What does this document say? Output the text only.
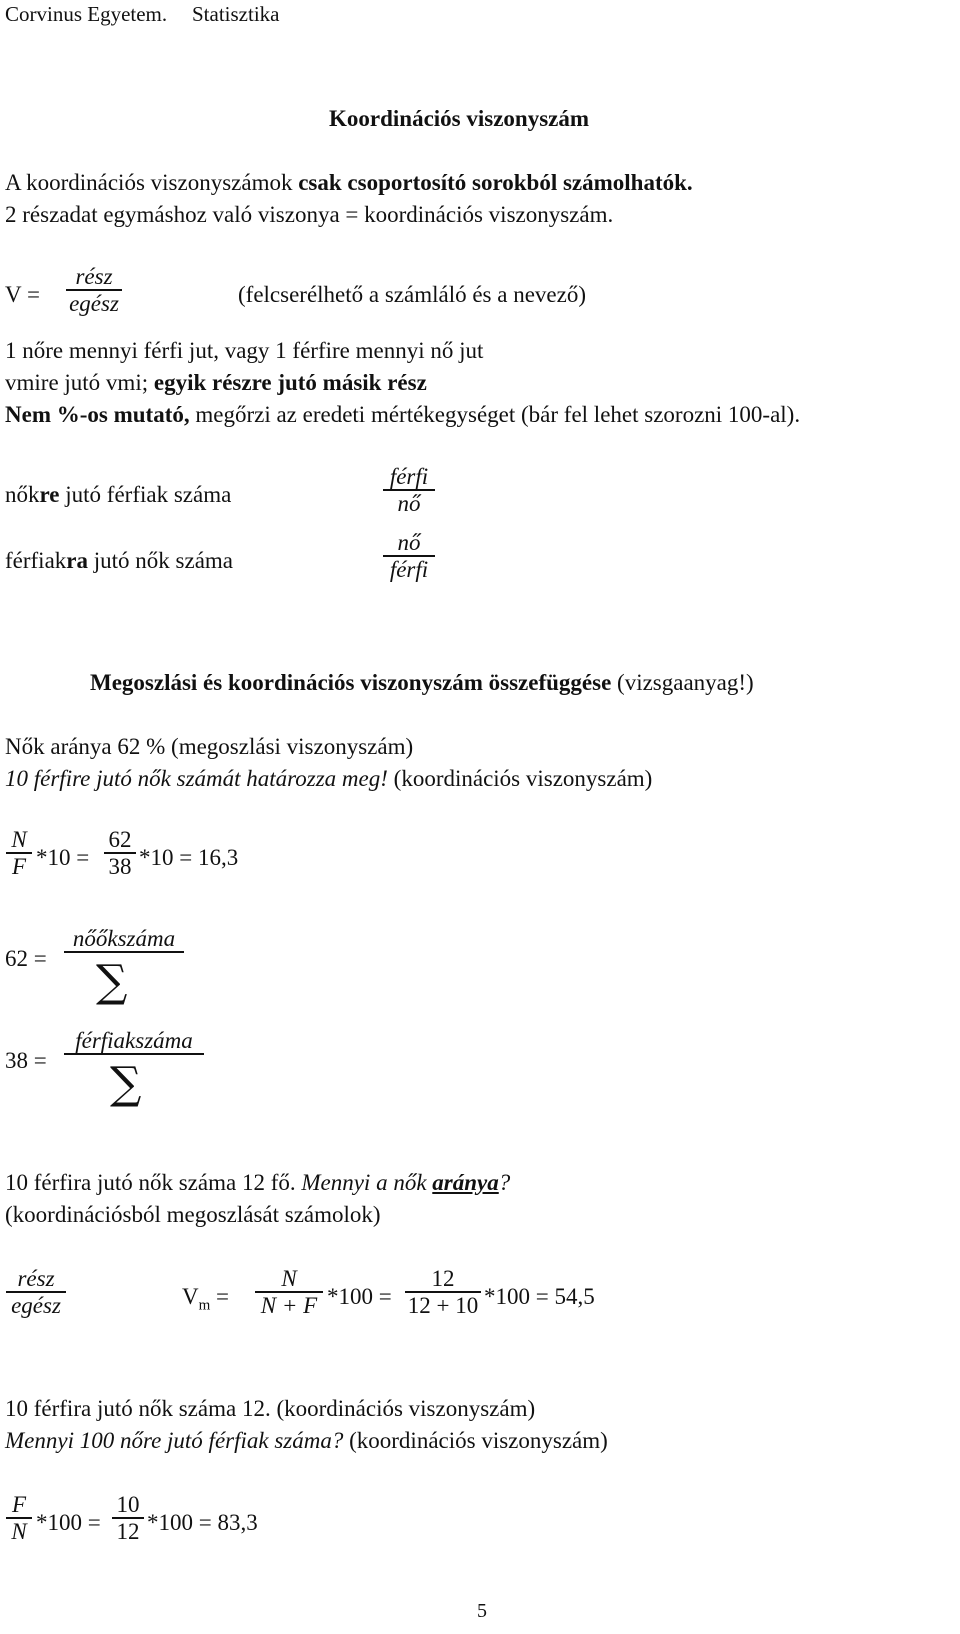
Corvinus Egyetem. Statisztika
Koordinációs viszonyszám
A koordinációs viszonyszámok csak csoportosító sorokból számolhatók.
2 részadat egymáshoz való viszonya = koordinációs viszonyszám.
V =
rész
egész	(felcserélhető a számláló és a nevező)
1 nőre mennyi férfi jut, vagy 1 férfire mennyi nő jut
vmire jutó vmi; egyik részre jutó másik rész
Nem %-os mutató, megőrzi az eredeti mértékegységet (bár fel lehet szorozni 100-al).
nőkre jutó férfiak száma
férfi
nő
férfiakra jutó nők száma
nő
férfi
Megoszlási és koordinációs viszonyszám összefüggése (vizsgaanyag!)
Nők aránya 62 % (megoszlási viszonyszám)
10 férfire jutó nők számát határozza meg! (koordinációs viszonyszám)
N
F *10 =
62
38 *10 = 16,3
62 =
nőőkszáma
∑
38 =
férfiakszáma
∑
10 férfira jutó nők száma 12 fő. Mennyi a nők aránya?
(koordinációsból megoszlását számolok)
rész
egész	$V_m$ =
N
N + F *100 =
12
12 + 10 *100 = 54,5
10 férfira jutó nők száma 12. (koordinációs viszonyszám)
Mennyi 100 nőre jutó férfiak száma? (koordinációs viszonyszám)
F
N *100 =
10
12 *100 = 83,3
5
